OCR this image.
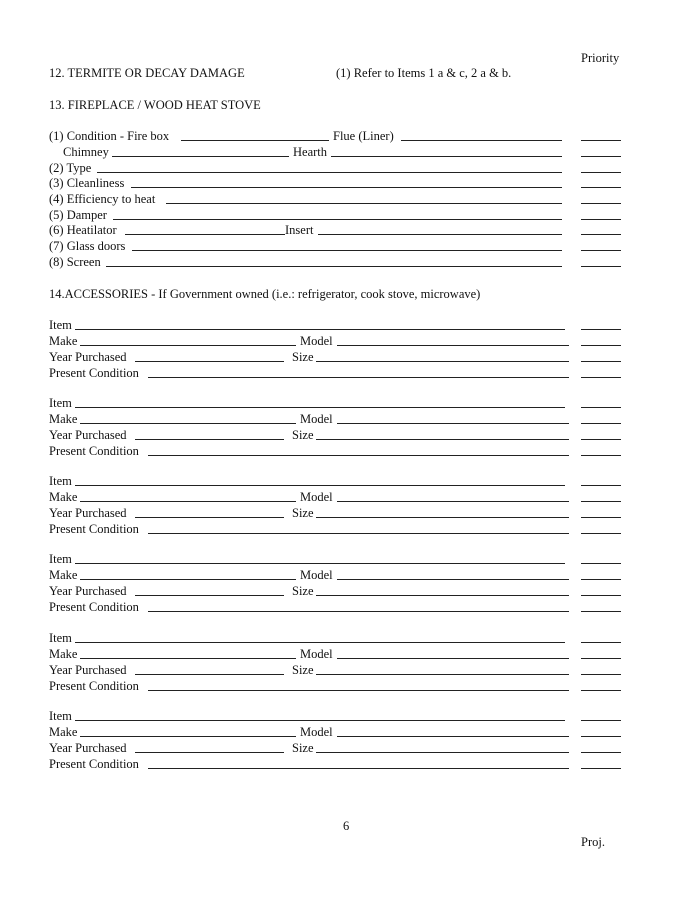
Priority
12. TERMITE OR DECAY DAMAGE	(1) Refer to Items 1 a & c, 2 a & b.
13. FIREPLACE / WOOD HEAT STOVE
(1) Condition - Fire box	Flue (Liner)
Chimney	Hearth
(2) Type
(3) Cleanliness
(4) Efficiency to heat
(5) Damper
(6) Heatilator	Insert
(7) Glass doors
(8) Screen
14.ACCESSORIES - If Government owned (i.e.: refrigerator, cook stove, microwave)
Item
Make	Model
Year Purchased	Size
Present Condition
Item
Make	Model
Year Purchased	Size
Present Condition
Item
Make	Model
Year Purchased	Size
Present Condition
Item
Make	Model
Year Purchased	Size
Present Condition
Item
Make	Model
Year Purchased	Size
Present Condition
Item
Make	Model
Year Purchased	Size
Present Condition
6
Proj.
